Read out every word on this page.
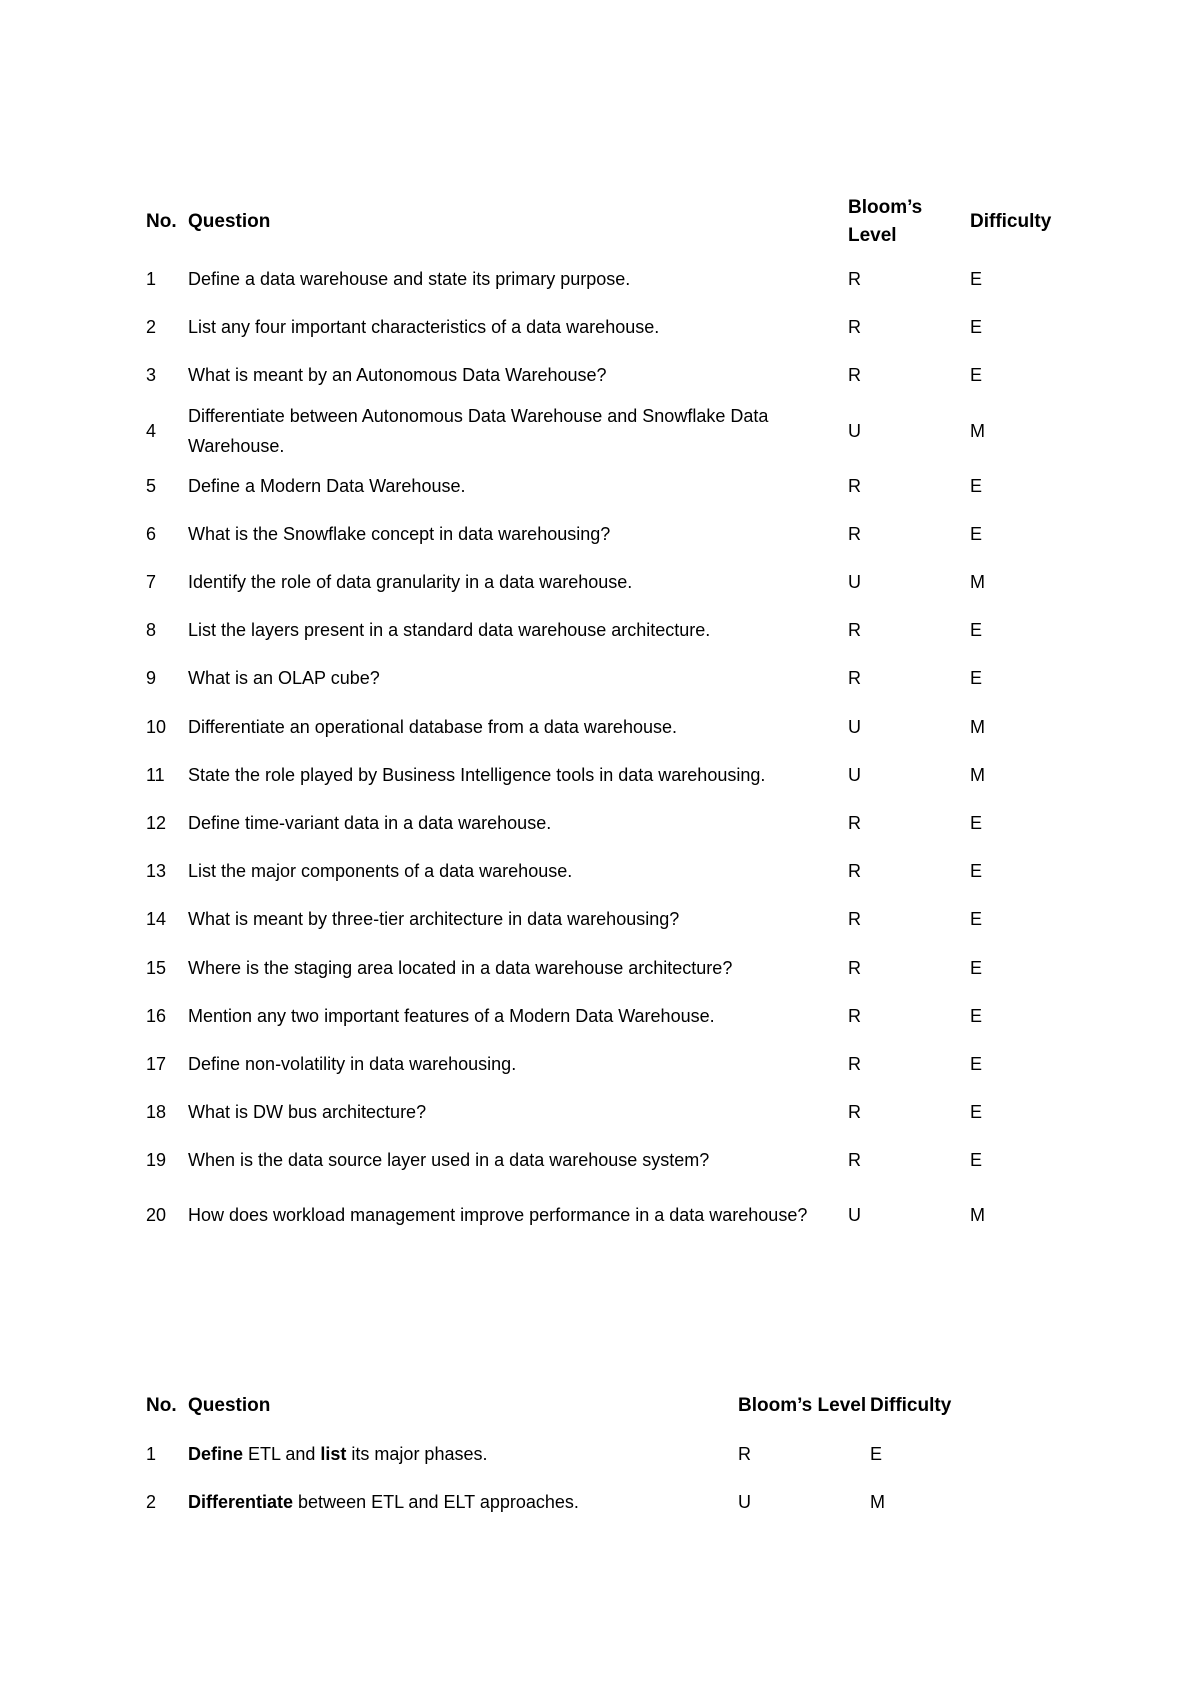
No.	Question	Bloom’s Level	Difficulty
1	Define a data warehouse and state its primary purpose.	R	E
2	List any four important characteristics of a data warehouse.	R	E
3	What is meant by an Autonomous Data Warehouse?	R	E
4	Differentiate between Autonomous Data Warehouse and Snowflake Data Warehouse.	U	M
5	Define a Modern Data Warehouse.	R	E
6	What is the Snowflake concept in data warehousing?	R	E
7	Identify the role of data granularity in a data warehouse.	U	M
8	List the layers present in a standard data warehouse architecture.	R	E
9	What is an OLAP cube?	R	E
10	Differentiate an operational database from a data warehouse.	U	M
11	State the role played by Business Intelligence tools in data warehousing.	U	M
12	Define time-variant data in a data warehouse.	R	E
13	List the major components of a data warehouse.	R	E
14	What is meant by three-tier architecture in data warehousing?	R	E
15	Where is the staging area located in a data warehouse architecture?	R	E
16	Mention any two important features of a Modern Data Warehouse.	R	E
17	Define non-volatility in data warehousing.	R	E
18	What is DW bus architecture?	R	E
19	When is the data source layer used in a data warehouse system?	R	E
20	How does workload management improve performance in a data warehouse?	U	M
No.	Question	Bloom’s Level	Difficulty
1	Define ETL and list its major phases.	R	E
2	Differentiate between ETL and ELT approaches.	U	M
